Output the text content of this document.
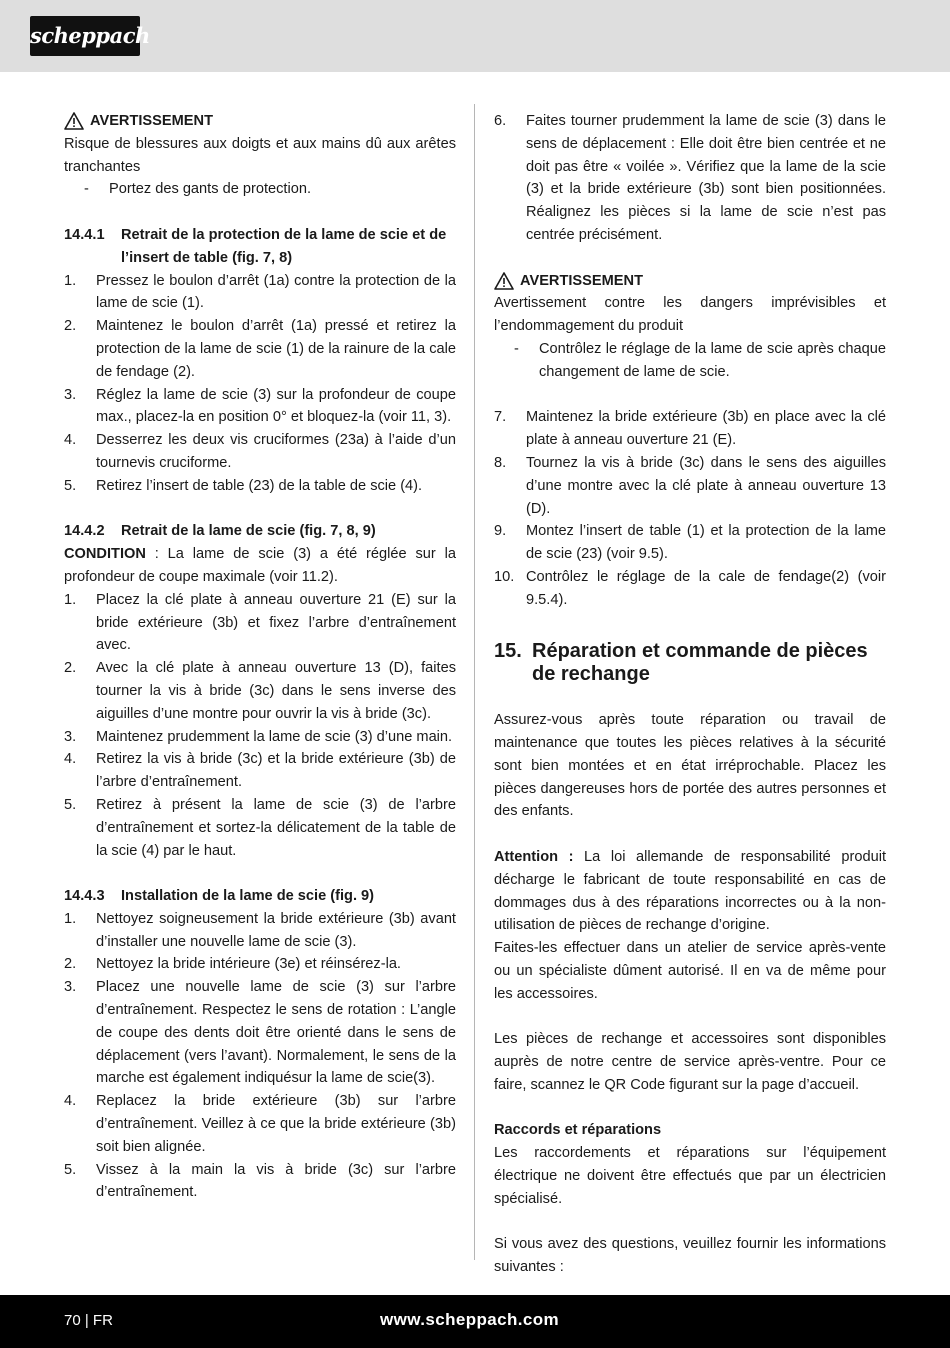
scheppach
AVERTISSEMENT

Risque de blessures aux doigts et aux mains dû aux arêtes tranchantes

-	Portez des gants de protection.
14.4.1	Retrait de la protection de la lame de scie et de l’insert de table (fig. 7, 8)
1.	Pressez le boulon d’arrêt (1a) contre la protection de la lame de scie (1).
2.	Maintenez le boulon d’arrêt (1a) pressé et retirez la protection de la lame de scie (1) de la rainure de la cale de fendage (2).
3.	Réglez la lame de scie (3) sur la profondeur de coupe max., placez-la en position 0° et bloquez-la (voir 11, 3).
4.	Desserrez les deux vis cruciformes (23a) à l’aide d’un tournevis cruciforme.
5.	Retirez l’insert de table (23) de la table de scie (4).
14.4.2	Retrait de la lame de scie (fig. 7, 8, 9)

CONDITION : La lame de scie (3) a été réglée sur la profondeur de coupe maximale (voir 11.2).

1.	Placez la clé plate à anneau ouverture 21 (E) sur la bride extérieure (3b) et fixez l’arbre d’entraînement avec.
2.	Avec la clé plate à anneau ouverture 13 (D), faites tourner la vis à bride (3c) dans le sens inverse des aiguilles d’une montre pour ouvrir la vis à bride (3c).
3.	Maintenez prudemment la lame de scie (3) d’une main.
4.	Retirez la vis à bride (3c) et la bride extérieure (3b) de l’arbre d’entraînement.
5.	Retirez à présent la lame de scie (3) de l’arbre d’entraînement et sortez-la délicatement de la table de la scie (4) par le haut.
14.4.3	Installation de la lame de scie (fig. 9)
1.	Nettoyez soigneusement la bride extérieure (3b) avant d’installer une nouvelle lame de scie (3).
2.	Nettoyez la bride intérieure (3e) et réinsérez-la.
3.	Placez une nouvelle lame de scie (3) sur l’arbre d’entraînement. Respectez le sens de rotation : L’angle de coupe des dents doit être orienté dans le sens de déplacement (vers l’avant). Normalement, le sens de la marche est également indiquésur la lame de scie(3).
4.	Replacez la bride extérieure (3b) sur l’arbre d’entraînement. Veillez à ce que la bride extérieure (3b) soit bien alignée.
5.	Vissez à la main la vis à bride (3c) sur l’arbre d’entraînement.
6.	Faites tourner prudemment la lame de scie (3) dans le sens de déplacement : Elle doit être bien centrée et ne doit pas être « voilée ». Vérifiez que la lame de la scie (3) et la bride extérieure (3b) sont bien positionnées. Réalignez les pièces si la lame de scie n’est pas centrée précisément.
AVERTISSEMENT

Avertissement contre les dangers imprévisibles et l’endommagement du produit

-	Contrôlez le réglage de la lame de scie après chaque changement de lame de scie.
7.	Maintenez la bride extérieure (3b) en place avec la clé plate à anneau ouverture 21 (E).
8.	Tournez la vis à bride (3c) dans le sens des aiguilles d’une montre avec la clé plate à anneau ouverture 13 (D).
9.	Montez l’insert de table (1) et la protection de la lame de scie (23) (voir 9.5).
10. Contrôlez le réglage de la cale de fendage(2) (voir 9.5.4).
15. Réparation et commande de pièces de rechange

Assurez-vous après toute réparation ou travail de maintenance que toutes les pièces relatives à la sécurité sont bien montées et en état irréprochable. Placez les pièces dangereuses hors de portée des autres personnes et des enfants.

Attention : La loi allemande de responsabilité produit décharge le fabricant de toute responsabilité en cas de dommages dus à des réparations incorrectes ou à la non-utilisation de pièces de rechange d’origine.

Faites-les effectuer dans un atelier de service après-vente ou un spécialiste dûment autorisé. Il en va de même pour les accessoires.

Les pièces de rechange et accessoires sont disponibles auprès de notre centre de service après-ventre. Pour ce faire, scannez le QR Code figurant sur la page d’accueil.

Raccords et réparations

Les raccordements et réparations sur l’équipement électrique ne doivent être effectués que par un électricien spécialisé.

Si vous avez des questions, veuillez fournir les informations suivantes :

70 | FR	www.scheppach.com
